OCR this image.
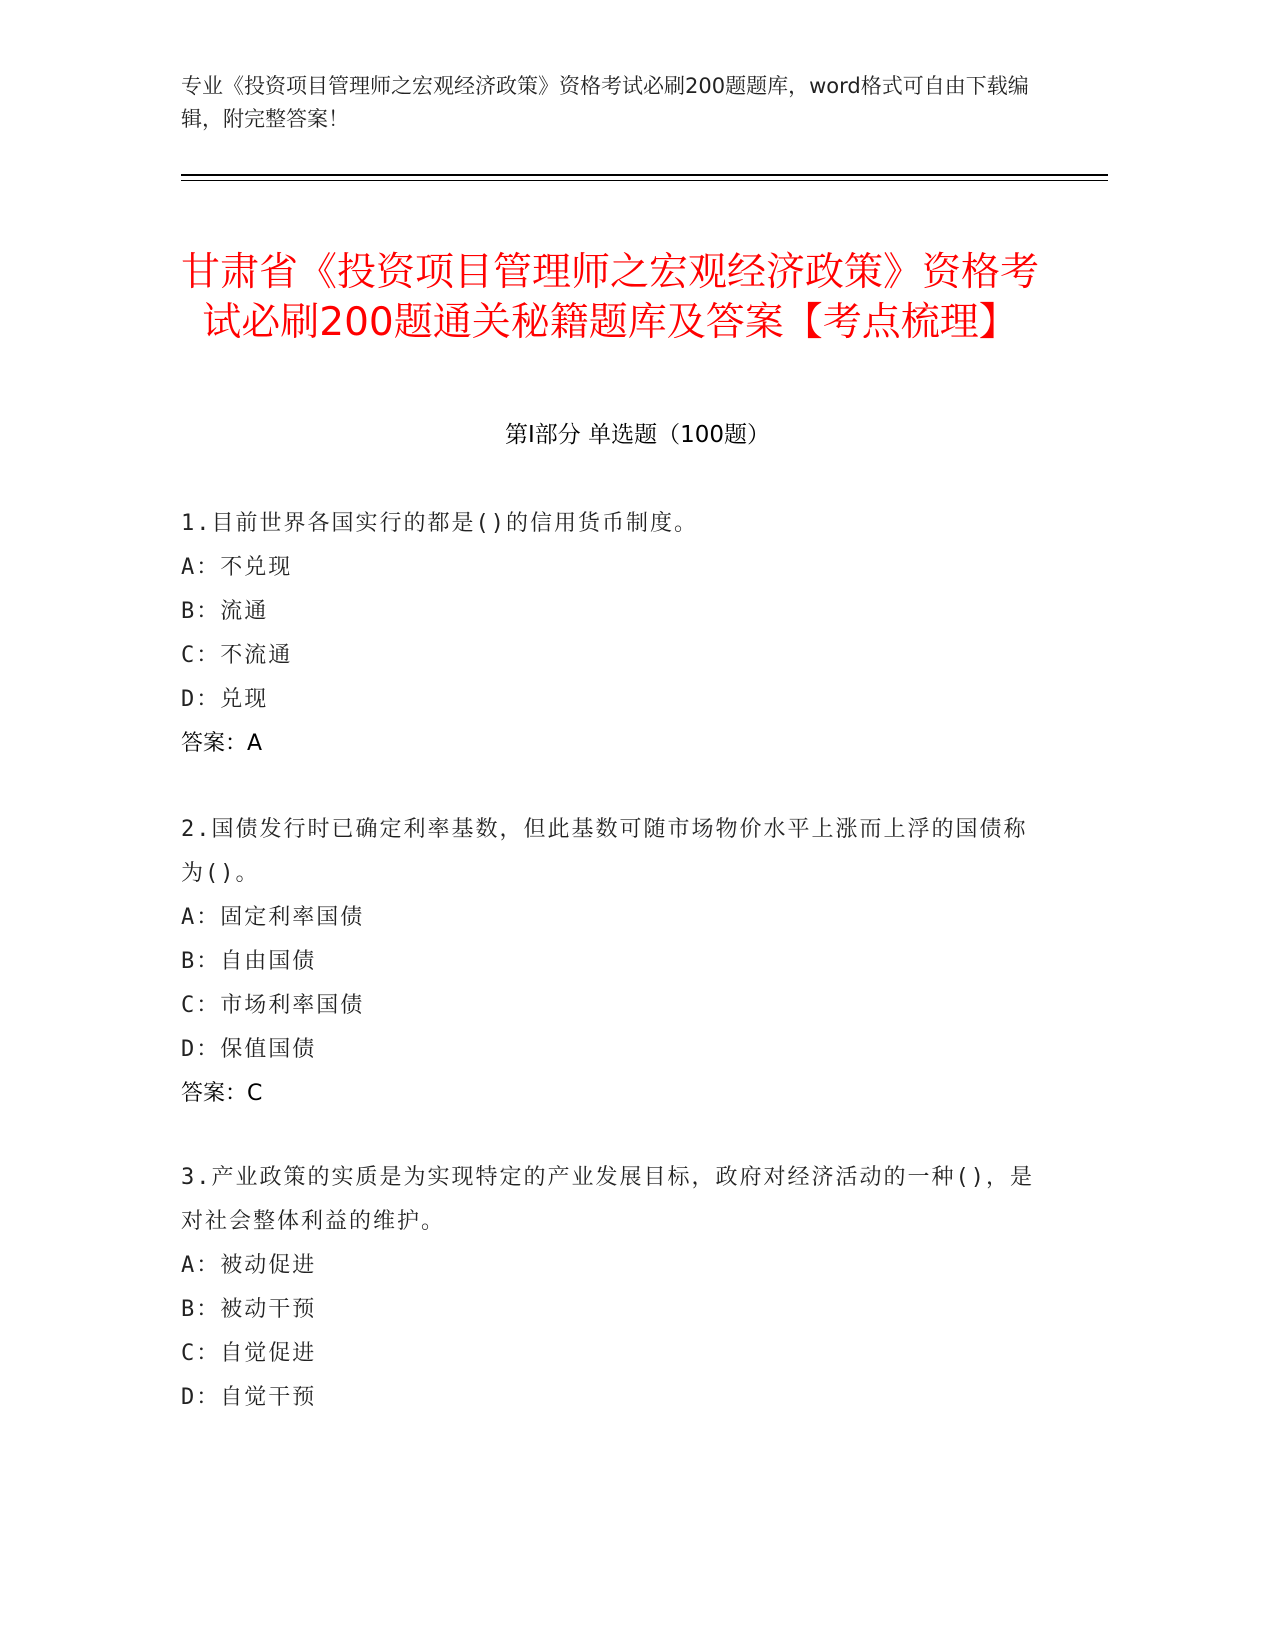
专业《投资项目管理师之宏观经济政策》资格考试必刷200题题库，word格式可自由下载编辑，附完整答案！
甘肃省《投资项目管理师之宏观经济政策》资格考试必刷200题通关秘籍题库及答案【考点梳理】
第I部分 单选题（100题）

1.目前世界各国实行的都是()的信用货币制度。

A：不兑现

B：流通

C：不流通

D：兑现

答案：A

2.国债发行时已确定利率基数，但此基数可随市场物价水平上涨而上浮的国债称为()。

A：固定利率国债

B：自由国债

C：市场利率国债

D：保值国债

答案：C

3.产业政策的实质是为实现特定的产业发展目标，政府对经济活动的一种()，是对社会整体利益的维护。

A：被动促进

B：被动干预

C：自觉促进

D：自觉干预
